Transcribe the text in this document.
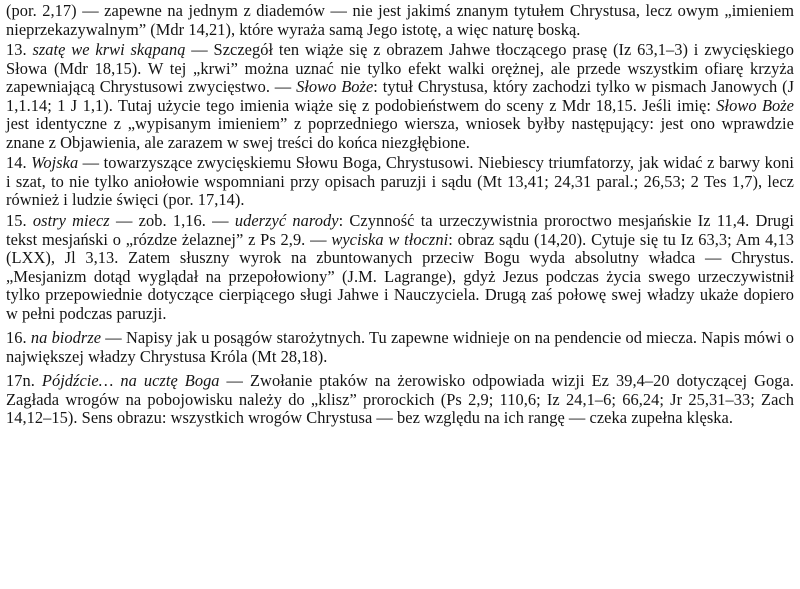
(por. 2,17) — zapewne na jednym z diademów — nie jest jakimś znanym tytułem Chrystusa, lecz owym „imieniem nieprzekazywalnym” (Mdr 14,21), które wyraża samą Jego istotę, a więc naturę boską.

13. szatę we krwi skąpaną — Szczegół ten wiąże się z obrazem Jahwe tłoczącego prasę (Iz 63,1–3) i zwycięskiego Słowa (Mdr 18,15). W tej „krwi” można uznać nie tylko efekt walki orężnej, ale przede wszystkim ofiarę krzyża zapewniającą Chrystusowi zwycięstwo. — Słowo Boże: tytuł Chrystusa, który zachodzi tylko w pismach Janowych (J 1,1.14; 1 J 1,1). Tutaj użycie tego imienia wiąże się z podobieństwem do sceny z Mdr 18,15. Jeśli imię: Słowo Boże jest identyczne z „wypisanym imieniem” z poprzedniego wiersza, wniosek byłby następujący: jest ono wprawdzie znane z Objawienia, ale zarazem w swej treści do końca niezgłębione.

14. Wojska — towarzyszące zwycięskiemu Słowu Boga, Chrystusowi. Niebiescy triumfatorzy, jak widać z barwy koni i szat, to nie tylko aniołowie wspomniani przy opisach paruzji i sądu (Mt 13,41; 24,31 paral.; 26,53; 2 Tes 1,7), lecz również i ludzie święci (por. 17,14).

15. ostry miecz — zob. 1,16. — uderzyć narody: Czynność ta urzeczywistnia proroctwo mesjańskie Iz 11,4. Drugi tekst mesjański o „rózdze żelaznej” z Ps 2,9. — wyciska w tłoczni: obraz sądu (14,20). Cytuje się tu Iz 63,3; Am 4,13 (LXX), Jl 3,13. Zatem słuszny wyrok na zbuntowanych przeciw Bogu wyda absolutny władca — Chrystus. „Mesjanizm dotąd wyglądał na przepołowiony” (J.M. Lagrange), gdyż Jezus podczas życia swego urzeczywistnił tylko przepowiednie dotyczące cierpiącego sługi Jahwe i Nauczyciela. Drugą zaś połowę swej władzy ukaże dopiero w pełni podczas paruzji.

16. na biodrze — Napisy jak u posągów starożytnych. Tu zapewne widnieje on na pendencie od miecza. Napis mówi o największej władzy Chrystusa Króla (Mt 28,18).

17n. Pójdźcie… na ucztę Boga — Zwołanie ptaków na żerowisko odpowiada wizji Ez 39,4–20 dotyczącej Goga. Zagłada wrogów na pobojowisku należy do „klisz” prorockich (Ps 2,9; 110,6; Iz 24,1–6; 66,24; Jr 25,31–33; Zach 14,12–15). Sens obrazu: wszystkich wrogów Chrystusa — bez względu na ich rangę — czeka zupełna klęska.
